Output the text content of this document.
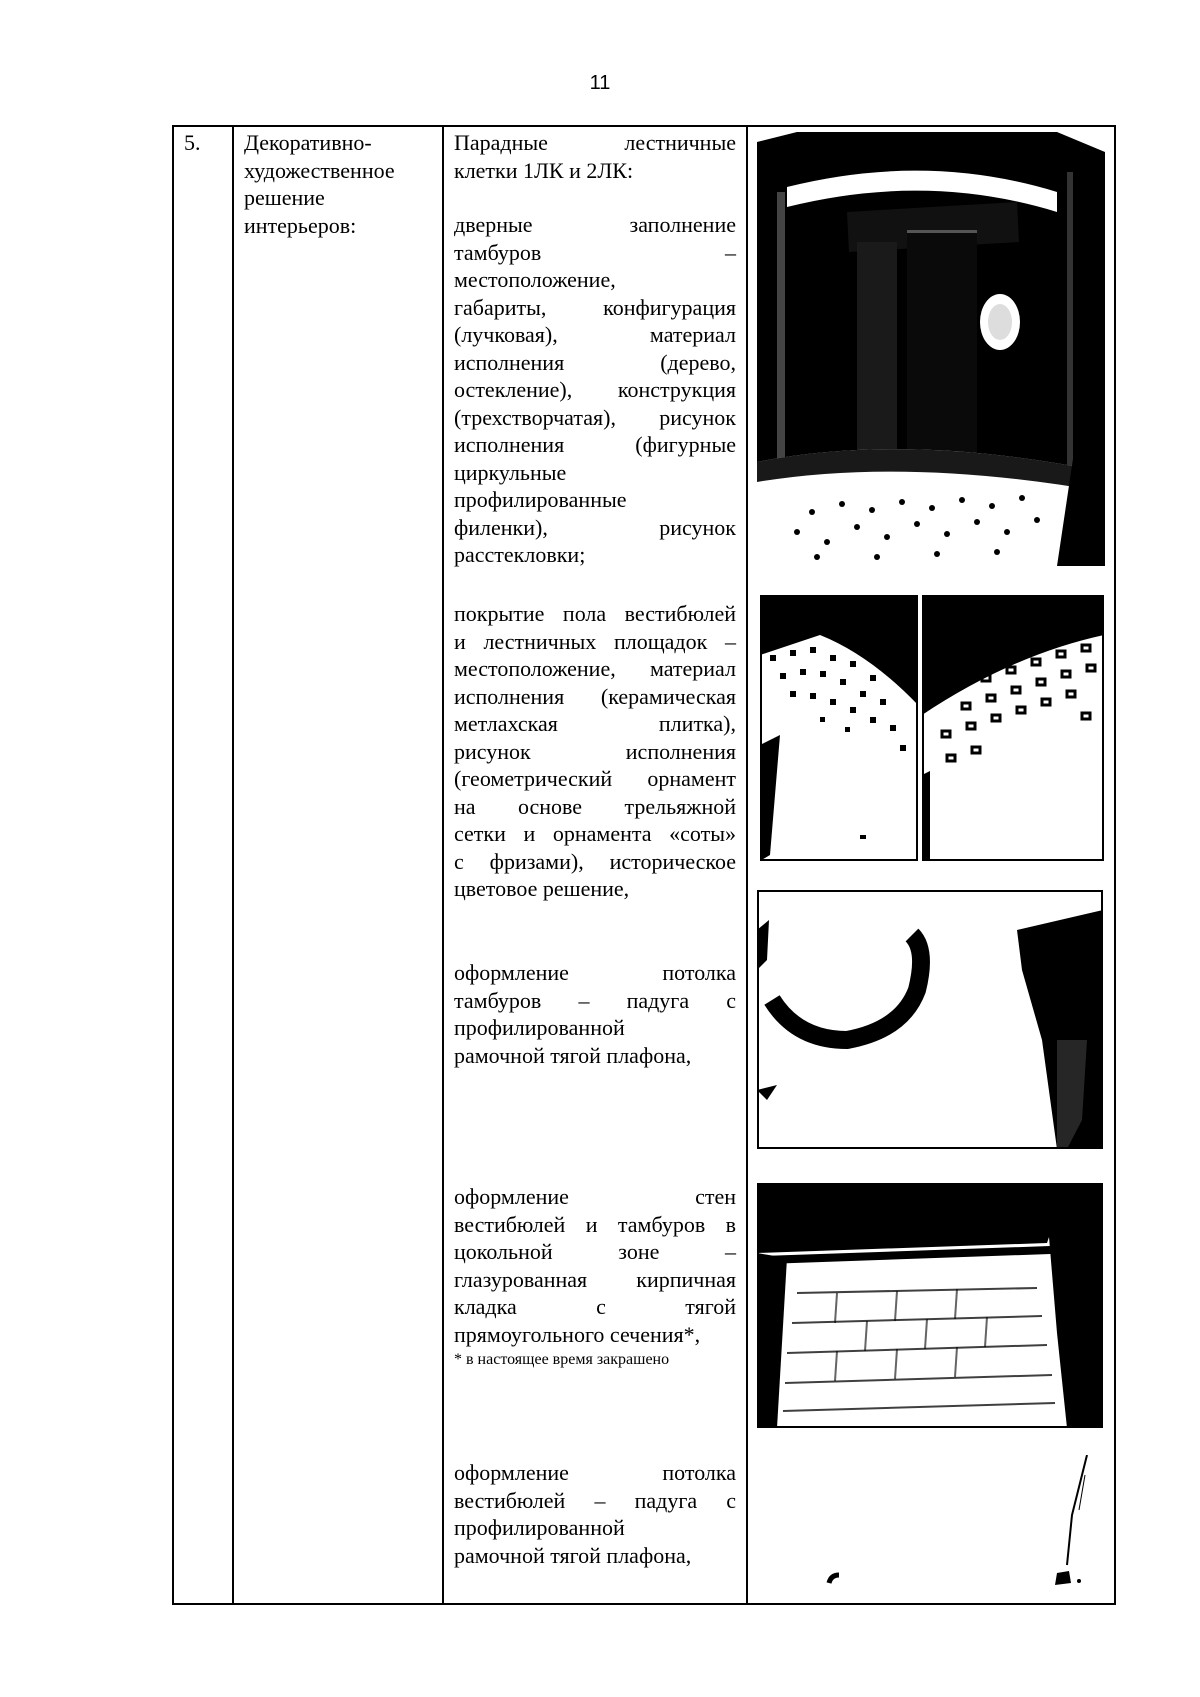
11
5. Декоративно-
художественное
решение
интерьеров:
Парадные лестничные
клетки 1ЛК и 2ЛК:
дверные заполнение
тамбуров –
местоположение,
габариты, конфигурация
(лучковая), материал
исполнения (дерево,
остекление), конструкция
(трехстворчатая), рисунок
исполнения (фигурные
циркульные
профилированные
филенки), рисунок
расстекловки;
покрытие пола вестибюлей
и лестничных площадок –
местоположение, материал
исполнения (керамическая
метлахская плитка),
рисунок исполнения
(геометрический орнамент
на основе трельяжной
сетки и орнамента «соты»
с фризами), историческое
цветовое решение,
оформление потолка
тамбуров – падуга с
профилированной
рамочной тягой плафона,
оформление стен
вестибюлей и тамбуров в
цокольной зоне –
глазурованная кирпичная
кладка с тягой
прямоугольного сечения*,
* в настоящее время закрашено
оформление потолка
вестибюлей – падуга с
профилированной
рамочной тягой плафона,
